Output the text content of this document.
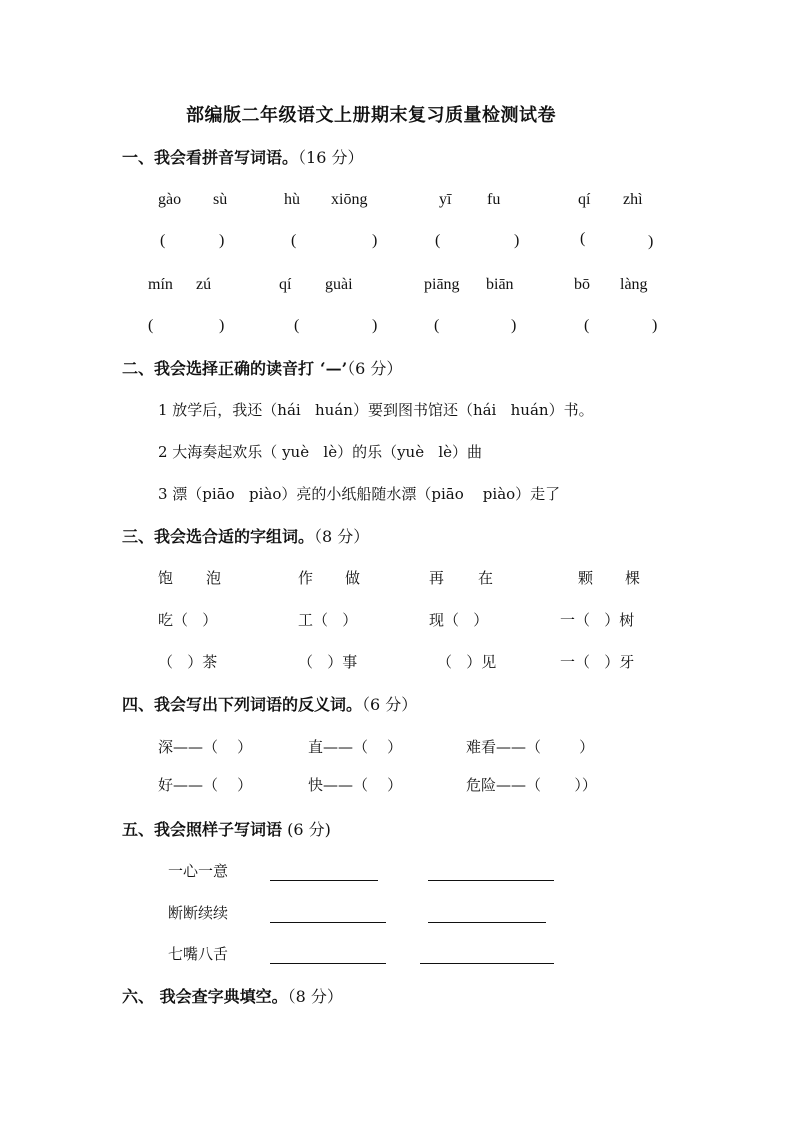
部编版二年级语文上册期末复习质量检测试卷
一、我会看拼音写词语。（16 分）
gào sù	hù xiōng	yī fu	qí zhì
(	)	(	)	(	)	(	)
mín zú	qí guài	piāng biān	bō làng
(	)	(	)	(	)	(	)
二、我会选择正确的读音打 ‘—’（6 分）
1 放学后，我还（hái   huán）要到图书馆还（hái   huán）书。
2 大海奏起欢乐（ yuè   lè）的乐（yuè   lè）曲
3 漂（piāo   piào）亮的小纸船随水漂（piāo    piào）走了
三、我会选合适的字组词。（8 分）
饱 泡	作 做	再 在	颗 棵
吃（   ）	工（   ）	现（   ）	一（   ）树
（   ）茶	（   ）事	（   ）见	一（   ）牙
四、我会写出下列词语的反义词。（6 分）
深——（    ）	直——（    ）	难看——（        ）
好——（    ）	快——（    ）	危险——（       ））
五、我会照样子写词语 (6 分)
一心一意
断断续续
七嘴八舌
六、 我会查字典填空。（8 分）
